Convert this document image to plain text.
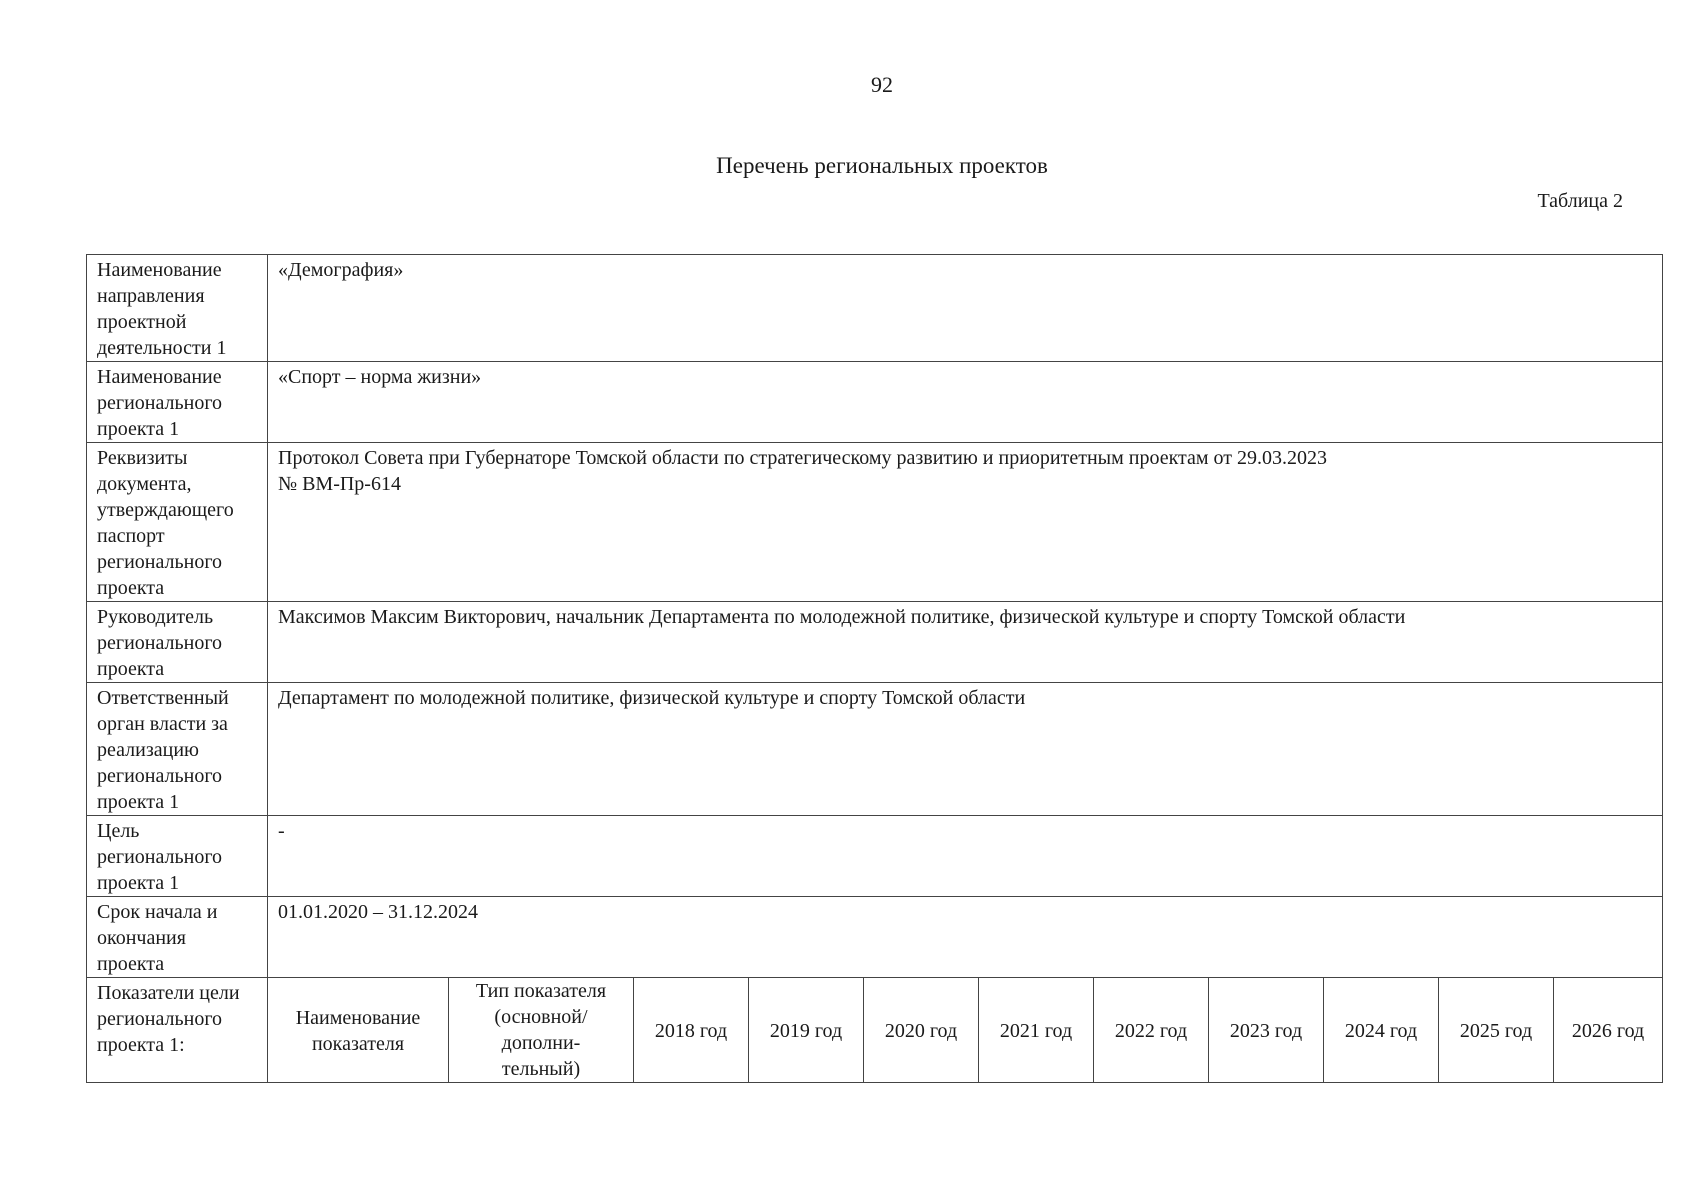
92
Перечень региональных проектов
Таблица 2
Наименование направления проектной деятельности 1	«Демография»										
Наименование регионального проекта 1	«Спорт – норма жизни»										
Реквизиты документа, утверждающего паспорт регионального проекта	Протокол Совета при Губернаторе Томской области по стратегическому развитию и приоритетным проектам от 29.03.2023 № ВМ-Пр-614										
Руководитель регионального проекта	Максимов Максим Викторович, начальник Департамента по молодежной политике, физической культуре и спорту Томской области										
Ответственный орган власти за реализацию регионального проекта 1	Департамент по молодежной политике, физической культуре и спорту Томской области										
Цель регионального проекта 1	-										
Срок начала и окончания проекта	01.01.2020 – 31.12.2024										
Показатели цели регионального проекта 1:	Наименование показателя	Тип показателя (основной/ дополни- тельный)	2018 год	2019 год	2020 год	2021 год	2022 год	2023 год	2024 год	2025 год	2026 год
